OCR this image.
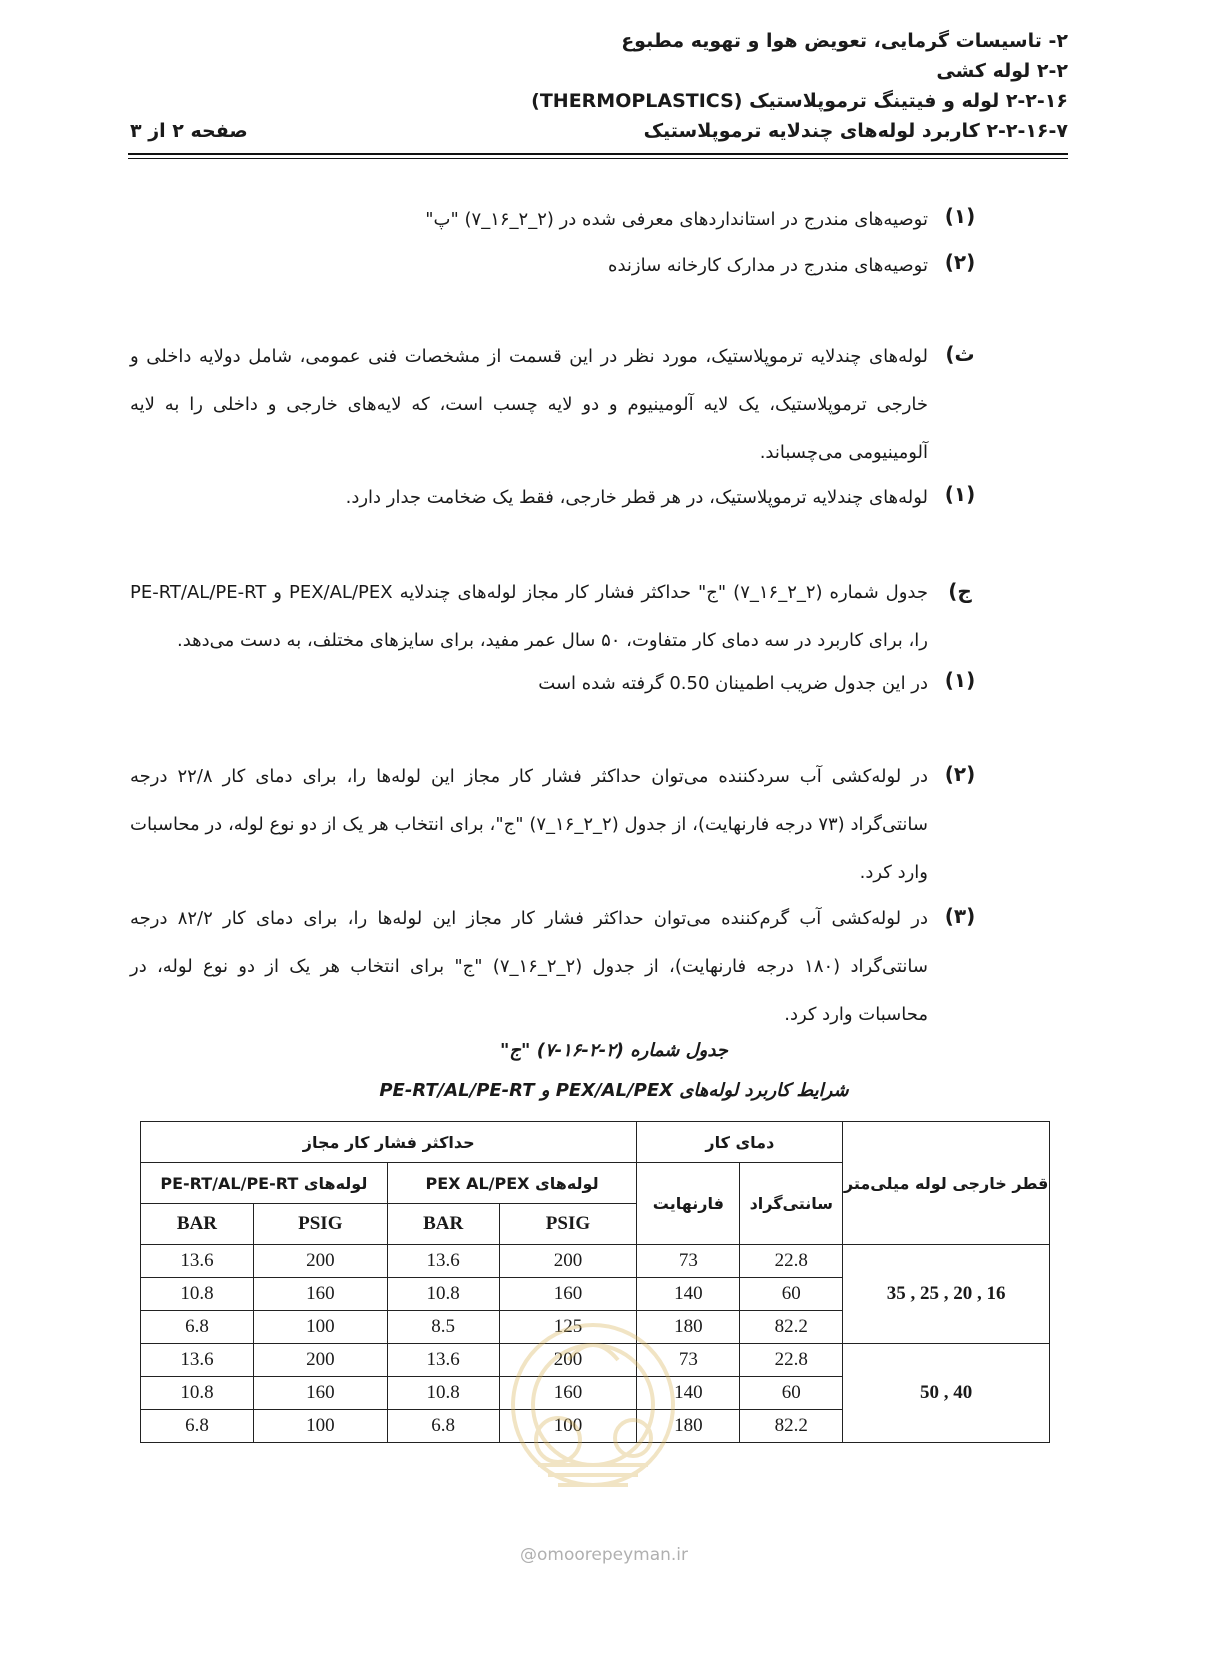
۲- تاسیسات گرمایی، تعویض هوا و تهویه مطبوع
۲-۲ لوله کشی
۲-۲-۱۶ لوله و فیتینگ ترموپلاستیک (THERMOPLASTICS)
۲-۲-۱۶-۷ کاربرد لوله‌های چندلایه ترموپلاستیک
صفحه ۲ از ۳
(۱)
توصیه‌های مندرج در استانداردهای معرفی شده در (۲_۲_۱۶_۷) "پ"
(۲)
توصیه‌های مندرج در مدارک کارخانه سازنده
ث)
لوله‌های چندلایه ترموپلاستیک، مورد نظر در این قسمت از مشخصات فنی عمومی، شامل دولایه داخلی و خارجی ترموپلاستیک، یک لایه آلومینیوم و دو لایه چسب است، که لایه‌های خارجی و داخلی را به لایه آلومینیومی می‌چسباند.
(۱)
لوله‌های چندلایه ترموپلاستیک، در هر قطر خارجی، فقط یک ضخامت جدار دارد.
ج)
جدول شماره (۲_۲_۱۶_۷) "ج" حداکثر فشار کار مجاز لوله‌های چندلایه PEX/AL/PEX و PE-RT/AL/PE-RT را، برای کاربرد در سه دمای کار متفاوت، ۵۰ سال عمر مفید، برای سایزهای مختلف، به دست می‌دهد.
(۱)
در این جدول ضریب اطمینان 0.50 گرفته شده است
(۲)
در لوله‌کشی آب سردکننده می‌توان حداکثر فشار کار مجاز این لوله‌ها را، برای دمای کار ۲۲/۸ درجه سانتی‌گراد (۷۳ درجه فارنهایت)، از جدول (۲_۲_۱۶_۷) "ج"، برای انتخاب هر یک از دو نوع لوله، در محاسبات وارد کرد.
(۳)
در لوله‌کشی آب گرم‌کننده می‌توان حداکثر فشار کار مجاز این لوله‌ها را، برای دمای کار ۸۲/۲ درجه سانتی‌گراد (۱۸۰ درجه فارنهایت)، از جدول (۲_۲_۱۶_۷) "ج" برای انتخاب هر یک از دو نوع لوله، در محاسبات وارد کرد.
جدول شماره (۲-۲-۱۶-۷) "ج"
شرایط کاربرد لوله‌های PEX/AL/PEX و PE-RT/AL/PE-RT
قطر خارجی لوله میلی‌متر	دمای کار		حداکثر فشار کار مجاز			
	سانتی‌گراد	فارنهایت	لوله‌های PEX AL/PEX		لوله‌های PE-RT/AL/PE-RT	
			PSIG	BAR	PSIG	BAR
35 , 25 , 20 , 16	22.8	73	200	13.6	200	13.6
	60	140	160	10.8	160	10.8
	82.2	180	125	8.5	100	6.8
50 , 40	22.8	73	200	13.6	200	13.6
	60	140	160	10.8	160	10.8
	82.2	180	100	6.8	100	6.8
@omoorepeyman.ir
